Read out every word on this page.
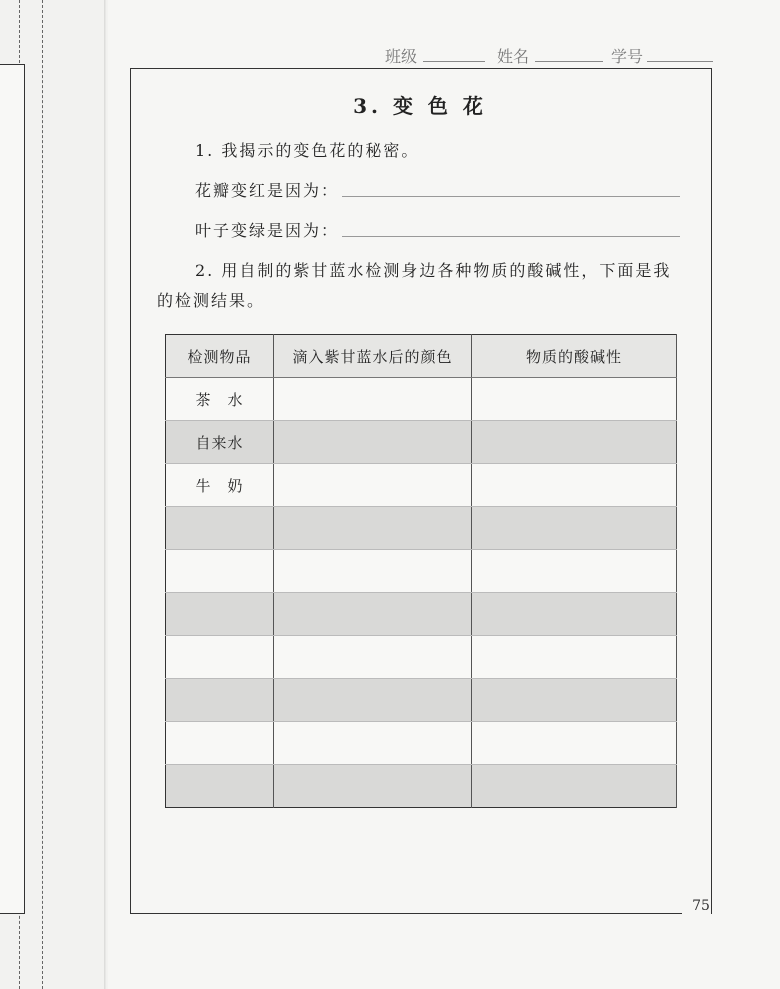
班级	姓名	学号
3. 变 色 花
1. 我揭示的变色花的秘密。
花瓣变红是因为：
叶子变绿是因为：
2. 用自制的紫甘蓝水检测身边各种物质的酸碱性，下面是我
的检测结果。
检测物品	滴入紫甘蓝水后的颜色	物质的酸碱性
茶　水		
自来水		
牛　奶		

75
